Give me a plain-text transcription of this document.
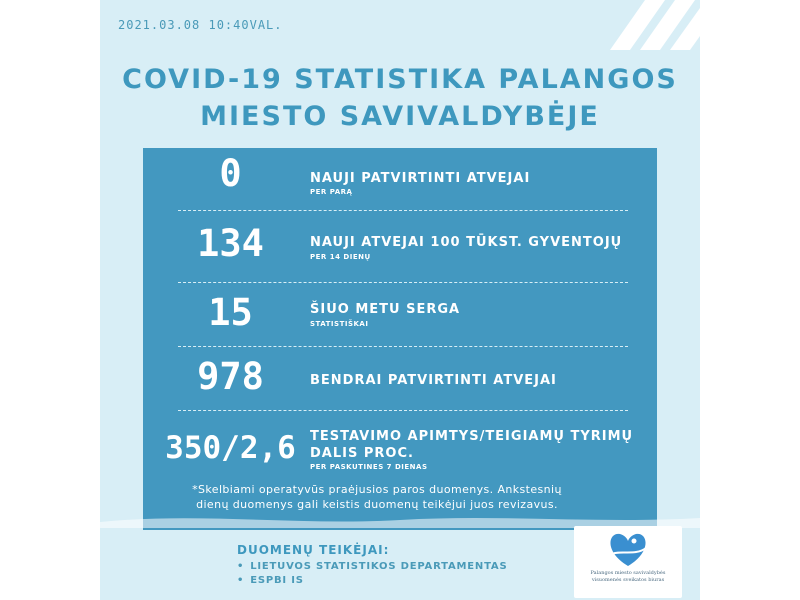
2021.03.08 10:40VAL.
COVID-19 STATISTIKA PALANGOS
MIESTO SAVIVALDYBĖJE
0	NAUJI PATVIRTINTI ATVEJAI
PER PARĄ
134	NAUJI ATVEJAI 100 TŪKST. GYVENTOJŲ
PER 14 DIENŲ
15	ŠIUO METU SERGA
STATISTIŠKAI
978	BENDRAI PATVIRTINTI ATVEJAI
350/2,6	TESTAVIMO APIMTYS/TEIGIAMŲ TYRIMŲ
DALIS PROC.
PER PASKUTINES 7 DIENAS
*Skelbiami operatyvūs praėjusios paros duomenys. Ankstesnių
dienų duomenys gali keistis duomenų teikėjui juos revizavus.
DUOMENŲ TEIKĖJAI:
• LIETUVOS STATISTIKOS DEPARTAMENTAS
• ESPBI IS
Palangos miesto savivaldybės
visuomenės sveikatos biuras
